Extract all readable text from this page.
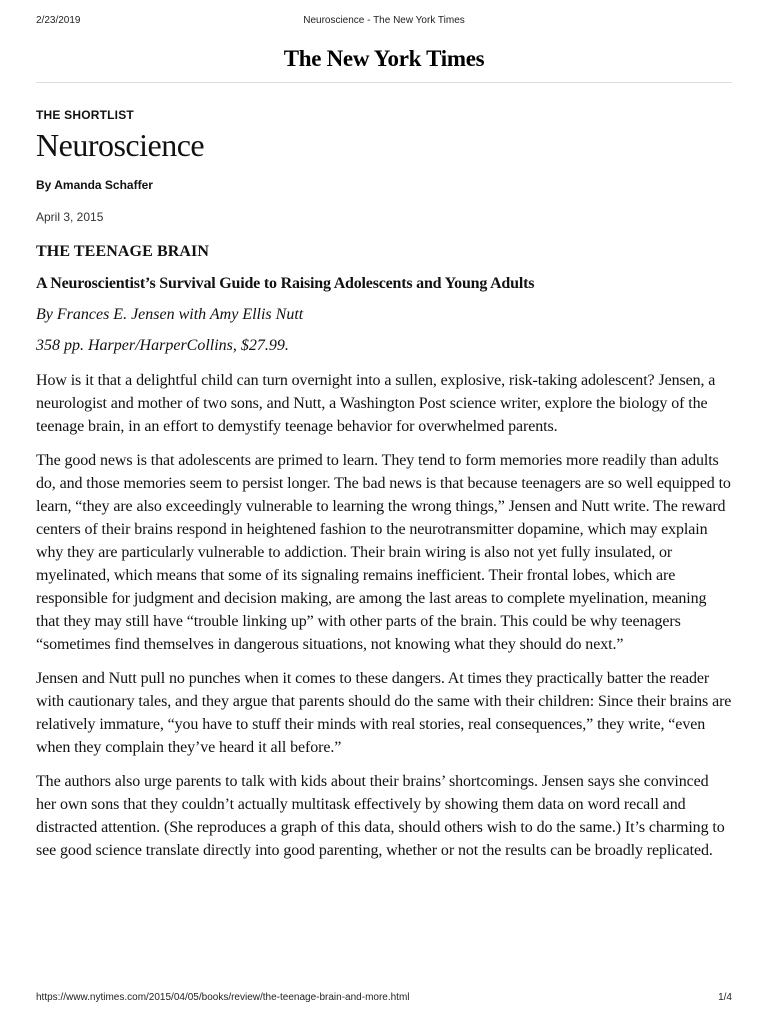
2/23/2019	Neuroscience - The New York Times
The New York Times
THE SHORTLIST
Neuroscience
By Amanda Schaffer
April 3, 2015
THE TEENAGE BRAIN
A Neuroscientist’s Survival Guide to Raising Adolescents and Young Adults
By Frances E. Jensen with Amy Ellis Nutt
358 pp. Harper/HarperCollins, $27.99.

How is it that a delightful child can turn overnight into a sullen, explosive, risk-taking adolescent? Jensen, a neurologist and mother of two sons, and Nutt, a Washington Post science writer, explore the biology of the teenage brain, in an effort to demystify teenage behavior for overwhelmed parents.

The good news is that adolescents are primed to learn. They tend to form memories more readily than adults do, and those memories seem to persist longer. The bad news is that because teenagers are so well equipped to learn, “they are also exceedingly vulnerable to learning the wrong things,” Jensen and Nutt write. The reward centers of their brains respond in heightened fashion to the neurotransmitter dopamine, which may explain why they are particularly vulnerable to addiction. Their brain wiring is also not yet fully insulated, or myelinated, which means that some of its signaling remains inefficient. Their frontal lobes, which are responsible for judgment and decision making, are among the last areas to complete myelination, meaning that they may still have “trouble linking up” with other parts of the brain. This could be why teenagers “sometimes find themselves in dangerous situations, not knowing what they should do next.”

Jensen and Nutt pull no punches when it comes to these dangers. At times they practically batter the reader with cautionary tales, and they argue that parents should do the same with their children: Since their brains are relatively immature, “you have to stuff their minds with real stories, real consequences,” they write, “even when they complain they’ve heard it all before.”

The authors also urge parents to talk with kids about their brains’ shortcomings. Jensen says she convinced her own sons that they couldn’t actually multitask effectively by showing them data on word recall and distracted attention. (She reproduces a graph of this data, should others wish to do the same.) It’s charming to see good science translate directly into good parenting, whether or not the results can be broadly replicated.

https://www.nytimes.com/2015/04/05/books/review/the-teenage-brain-and-more.html	1/4
